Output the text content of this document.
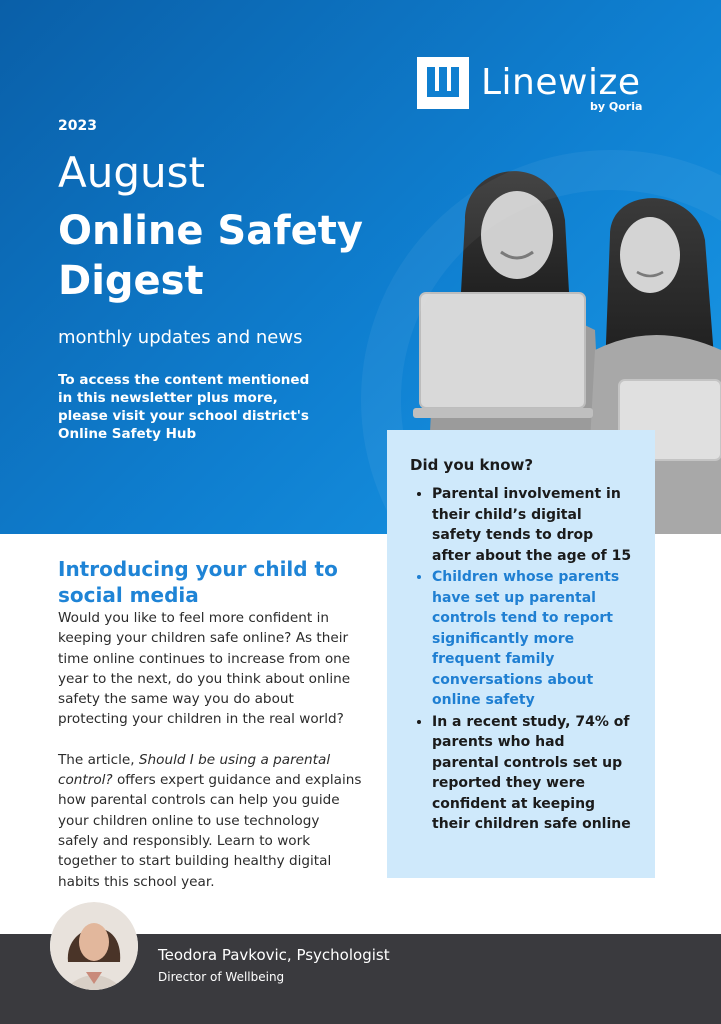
Linewize
by Qoria
2023
August
Online Safety Digest
monthly updates and news
To access the content mentioned in this newsletter plus more, please visit your school district's Online Safety Hub
Did you know?
• Parental involvement in their child’s digital safety tends to drop after about the age of 15
• Children whose parents have set up parental controls tend to report significantly more frequent family conversations about online safety
• In a recent study, 74% of parents who had parental controls set up reported they were confident at keeping their children safe online
Introducing your child to social media

Would you like to feel more confident in keeping your children safe online? As their time online continues to increase from one year to the next, do you think about online safety the same way you do about protecting your children in the real world?

The article, Should I be using a parental control? offers expert guidance and explains how parental controls can help you guide your children online to use technology safely and responsibly. Learn to work together to start building healthy digital habits this school year.

Teodora Pavkovic, Psychologist
Director of Wellbeing
